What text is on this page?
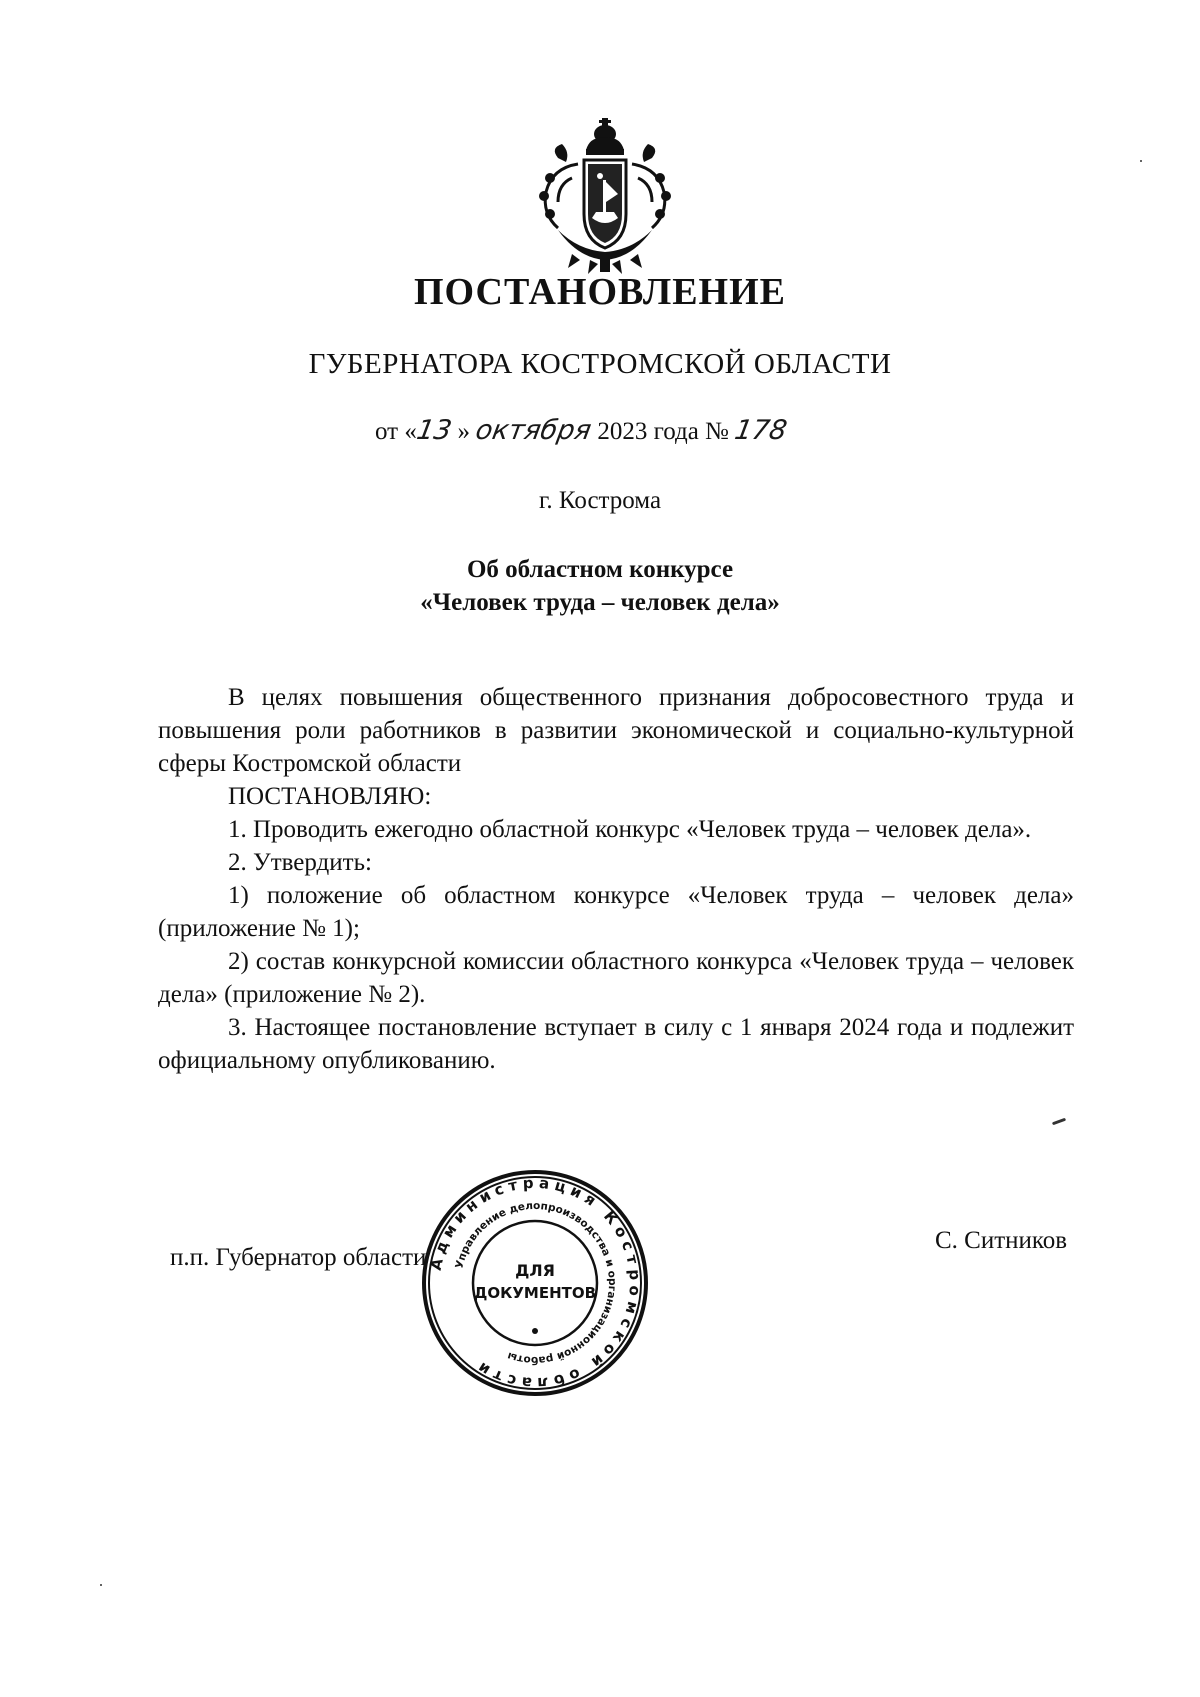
ПОСТАНОВЛЕНИЕ
ГУБЕРНАТОРА КОСТРОМСКОЙ ОБЛАСТИ
от «13 » октября 2023 года № 178
г. Кострома
Об областном конкурсе
«Человек труда – человек дела»

В целях повышения общественного признания добросовестного труда и повышения роли работников в развитии экономической и социально-культурной сферы Костромской области

ПОСТАНОВЛЯЮ:

1. Проводить ежегодно областной конкурс «Человек труда – человек дела».

2. Утвердить:

1) положение об областном конкурсе «Человек труда – человек дела» (приложение № 1);

2) состав конкурсной комиссии областного конкурса «Человек труда – человек дела» (приложение № 2).

3. Настоящее постановление вступает в силу с 1 января 2024 года и подлежит официальному опубликованию.

п.п. Губернатор области
С. Ситников
Администрация Костромской области
Управление делопроизводства и организационной работы
ДЛЯ
ДОКУМЕНТОВ
